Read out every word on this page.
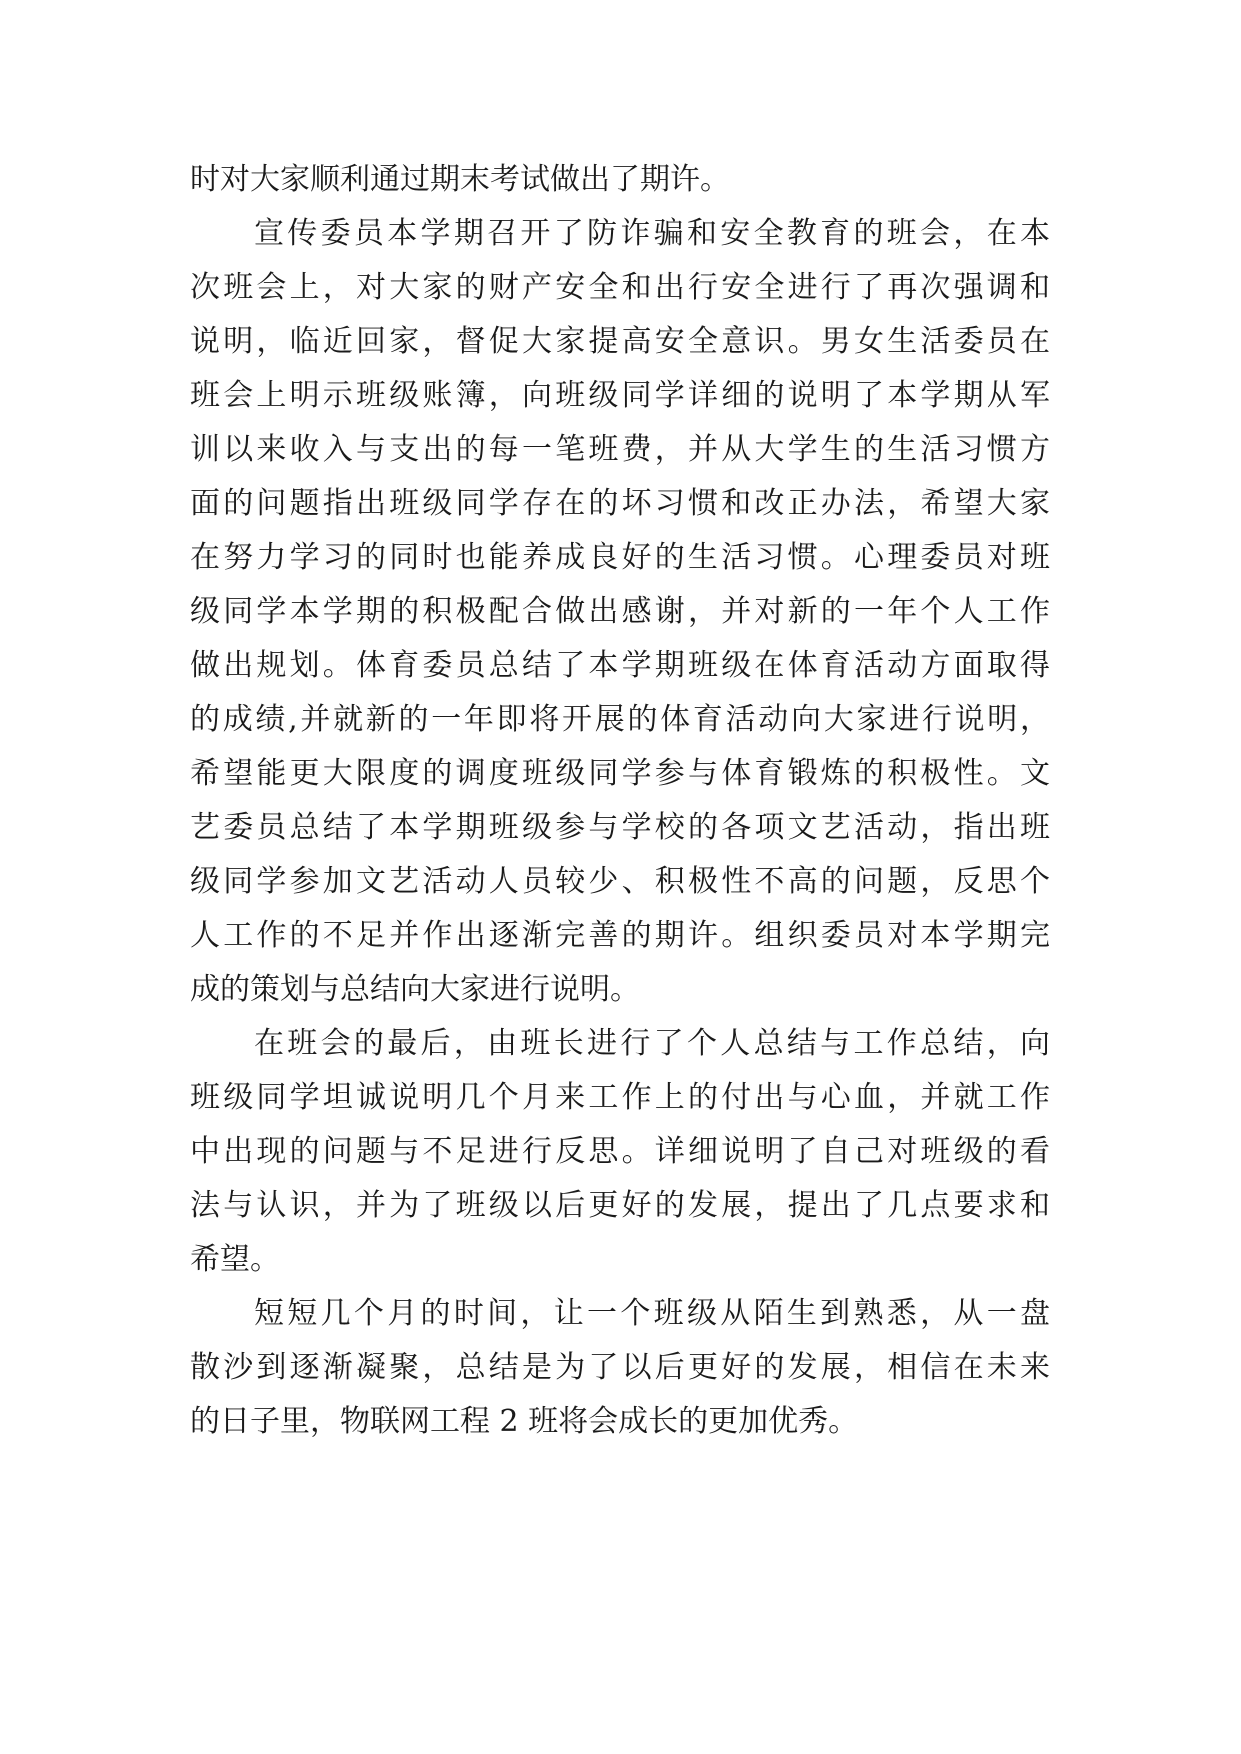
时对大家顺利通过期末考试做出了期许。
宣传委员本学期召开了防诈骗和安全教育的班会，在本
次班会上，对大家的财产安全和出行安全进行了再次强调和
说明，临近回家，督促大家提高安全意识。男女生活委员在
班会上明示班级账簿，向班级同学详细的说明了本学期从军
训以来收入与支出的每一笔班费，并从大学生的生活习惯方
面的问题指出班级同学存在的坏习惯和改正办法，希望大家
在努力学习的同时也能养成良好的生活习惯。心理委员对班
级同学本学期的积极配合做出感谢，并对新的一年个人工作
做出规划。体育委员总结了本学期班级在体育活动方面取得
的成绩,并就新的一年即将开展的体育活动向大家进行说明，
希望能更大限度的调度班级同学参与体育锻炼的积极性。文
艺委员总结了本学期班级参与学校的各项文艺活动，指出班
级同学参加文艺活动人员较少、积极性不高的问题，反思个
人工作的不足并作出逐渐完善的期许。组织委员对本学期完
成的策划与总结向大家进行说明。
在班会的最后，由班长进行了个人总结与工作总结，向
班级同学坦诚说明几个月来工作上的付出与心血，并就工作
中出现的问题与不足进行反思。详细说明了自己对班级的看
法与认识，并为了班级以后更好的发展，提出了几点要求和
希望。
短短几个月的时间，让一个班级从陌生到熟悉，从一盘
散沙到逐渐凝聚，总结是为了以后更好的发展，相信在未来
的日子里，物联网工程 2 班将会成长的更加优秀。
